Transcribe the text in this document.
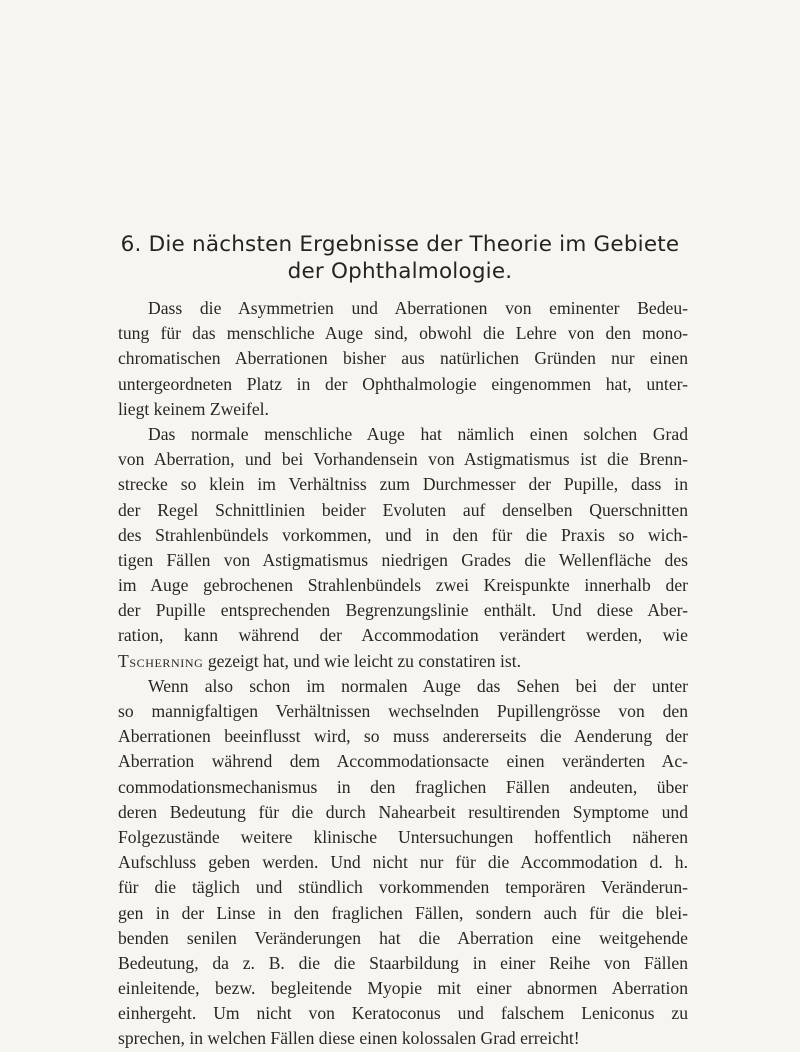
6. Die nächsten Ergebnisse der Theorie im Gebiete
der Ophthalmologie.
Dass die Asymmetrien und Aberrationen von eminenter Bedeu-
tung für das menschliche Auge sind, obwohl die Lehre von den mono-
chromatischen Aberrationen bisher aus natürlichen Gründen nur einen
untergeordneten Platz in der Ophthalmologie eingenommen hat, unter-
liegt keinem Zweifel.
Das normale menschliche Auge hat nämlich einen solchen Grad
von Aberration, und bei Vorhandensein von Astigmatismus ist die Brenn-
strecke so klein im Verhältniss zum Durchmesser der Pupille, dass in
der Regel Schnittlinien beider Evoluten auf denselben Querschnitten
des Strahlenbündels vorkommen, und in den für die Praxis so wich-
tigen Fällen von Astigmatismus niedrigen Grades die Wellenfläche des
im Auge gebrochenen Strahlenbündels zwei Kreispunkte innerhalb der
der Pupille entsprechenden Begrenzungslinie enthält. Und diese Aber-
ration, kann während der Accommodation verändert werden, wie
Tscherning gezeigt hat, und wie leicht zu constatiren ist.
Wenn also schon im normalen Auge das Sehen bei der unter
so mannigfaltigen Verhältnissen wechselnden Pupillengrösse von den
Aberrationen beeinflusst wird, so muss andererseits die Aenderung der
Aberration während dem Accommodationsacte einen veränderten Ac-
commodationsmechanismus in den fraglichen Fällen andeuten, über
deren Bedeutung für die durch Nahearbeit resultirenden Symptome und
Folgezustände weitere klinische Untersuchungen hoffentlich näheren
Aufschluss geben werden. Und nicht nur für die Accommodation d. h.
für die täglich und stündlich vorkommenden temporären Veränderun-
gen in der Linse in den fraglichen Fällen, sondern auch für die blei-
benden senilen Veränderungen hat die Aberration eine weitgehende
Bedeutung, da z. B. die die Staarbildung in einer Reihe von Fällen
einleitende, bezw. begleitende Myopie mit einer abnormen Aberration
einhergeht. Um nicht von Keratoconus und falschem Leniconus zu
sprechen, in welchen Fällen diese einen kolossalen Grad erreicht!
